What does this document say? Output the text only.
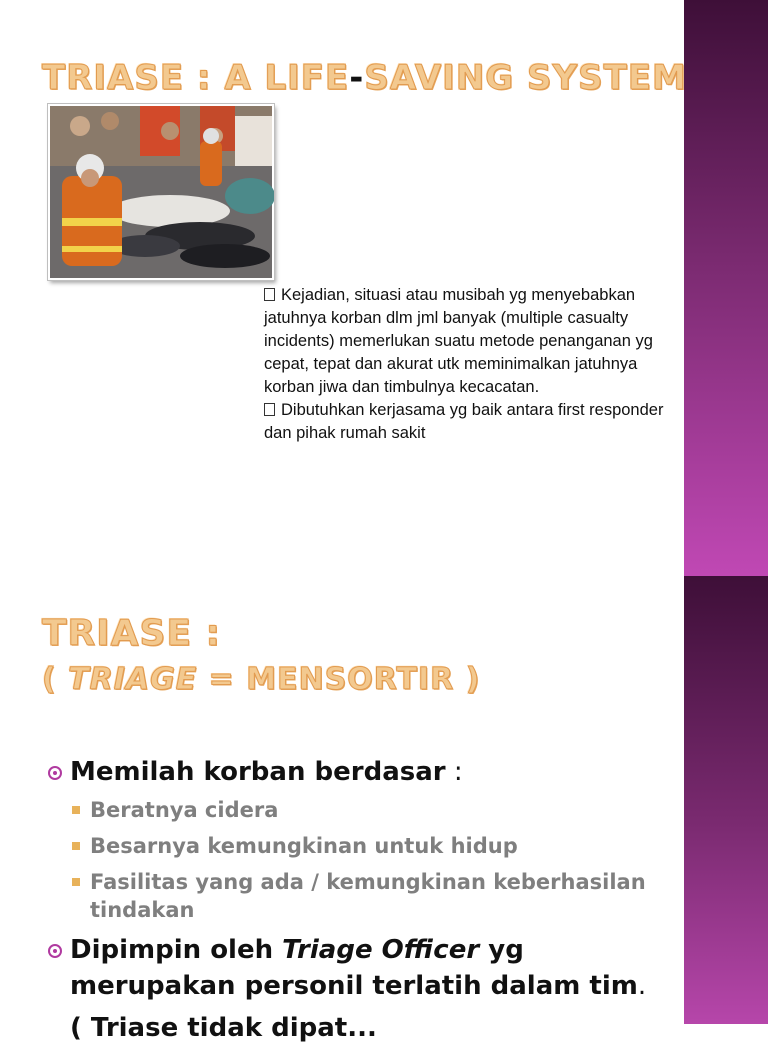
TRIASE : A LIFE-SAVING SYSTEM

Kejadian, situasi atau musibah yg menyebabkan jatuhnya korban dlm jml banyak (multiple casualty incidents) memerlukan suatu metode penanganan yg cepat, tepat dan akurat utk meminimalkan jatuhnya korban jiwa dan timbulnya kecacatan.

Dibutuhkan kerjasama yg baik antara first responder dan pihak rumah sakit

TRIASE :
( TRIAGE = MENSORTIR )
Memilah korban berdasar :
Beratnya cidera
Besarnya kemungkinan untuk hidup
Fasilitas yang ada / kemungkinan keberhasilan tindakan
Dipimpin oleh Triage Officer yg merupakan personil terlatih dalam tim.
( Triase tidak dipat...
